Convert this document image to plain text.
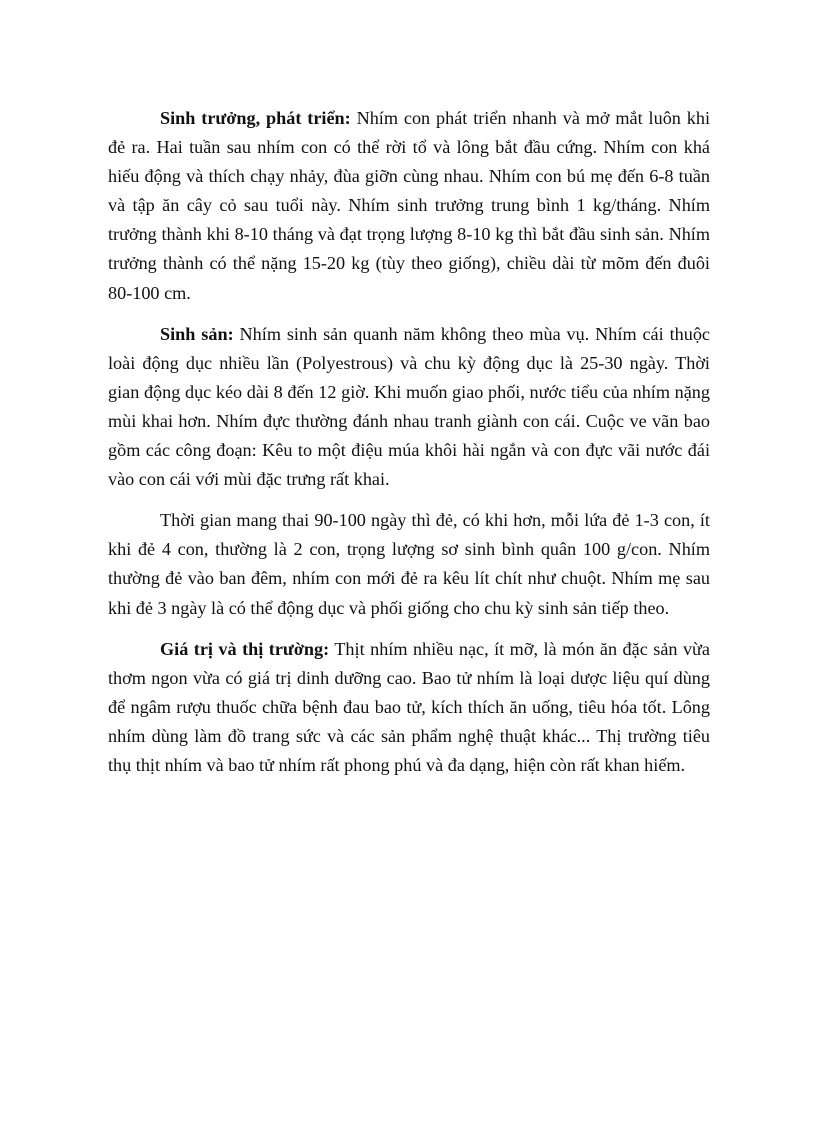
Sinh trưởng, phát triển: Nhím con phát triển nhanh và mở mắt luôn khi đẻ ra. Hai tuần sau nhím con có thể rời tổ và lông bắt đầu cứng. Nhím con khá hiếu động và thích chạy nhảy, đùa giỡn cùng nhau. Nhím con bú mẹ đến 6-8 tuần và tập ăn cây cỏ sau tuổi này. Nhím sinh trưởng trung bình 1 kg/tháng. Nhím trưởng thành khi 8-10 tháng và đạt trọng lượng 8-10 kg thì bắt đầu sinh sản. Nhím trưởng thành có thể nặng 15-20 kg (tùy theo giống), chiều dài từ mõm đến đuôi 80-100 cm.

Sinh sản: Nhím sinh sản quanh năm không theo mùa vụ. Nhím cái thuộc loài động dục nhiều lần (Polyestrous) và chu kỳ động dục là 25-30 ngày. Thời gian động dục kéo dài 8 đến 12 giờ. Khi muốn giao phối, nước tiểu của nhím nặng mùi khai hơn. Nhím đực thường đánh nhau tranh giành con cái. Cuộc ve vãn bao gồm các công đoạn: Kêu to một điệu múa khôi hài ngắn và con đực vãi nước đái vào con cái với mùi đặc trưng rất khai.

Thời gian mang thai 90-100 ngày thì đẻ, có khi hơn, mỗi lứa đẻ 1-3 con, ít khi đẻ 4 con, thường là 2 con, trọng lượng sơ sinh bình quân 100 g/con. Nhím thường đẻ vào ban đêm, nhím con mới đẻ ra kêu lít chít như chuột. Nhím mẹ sau khi đẻ 3 ngày là có thể động dục và phối giống cho chu kỳ sinh sản tiếp theo.

Giá trị và thị trường: Thịt nhím nhiều nạc, ít mỡ, là món ăn đặc sản vừa thơm ngon vừa có giá trị dinh dưỡng cao. Bao tử nhím là loại dược liệu quí dùng để ngâm rượu thuốc chữa bệnh đau bao tử, kích thích ăn uống, tiêu hóa tốt. Lông nhím dùng làm đồ trang sức và các sản phẩm nghệ thuật khác... Thị trường tiêu thụ thịt nhím và bao tử nhím rất phong phú và đa dạng, hiện còn rất khan hiếm.
